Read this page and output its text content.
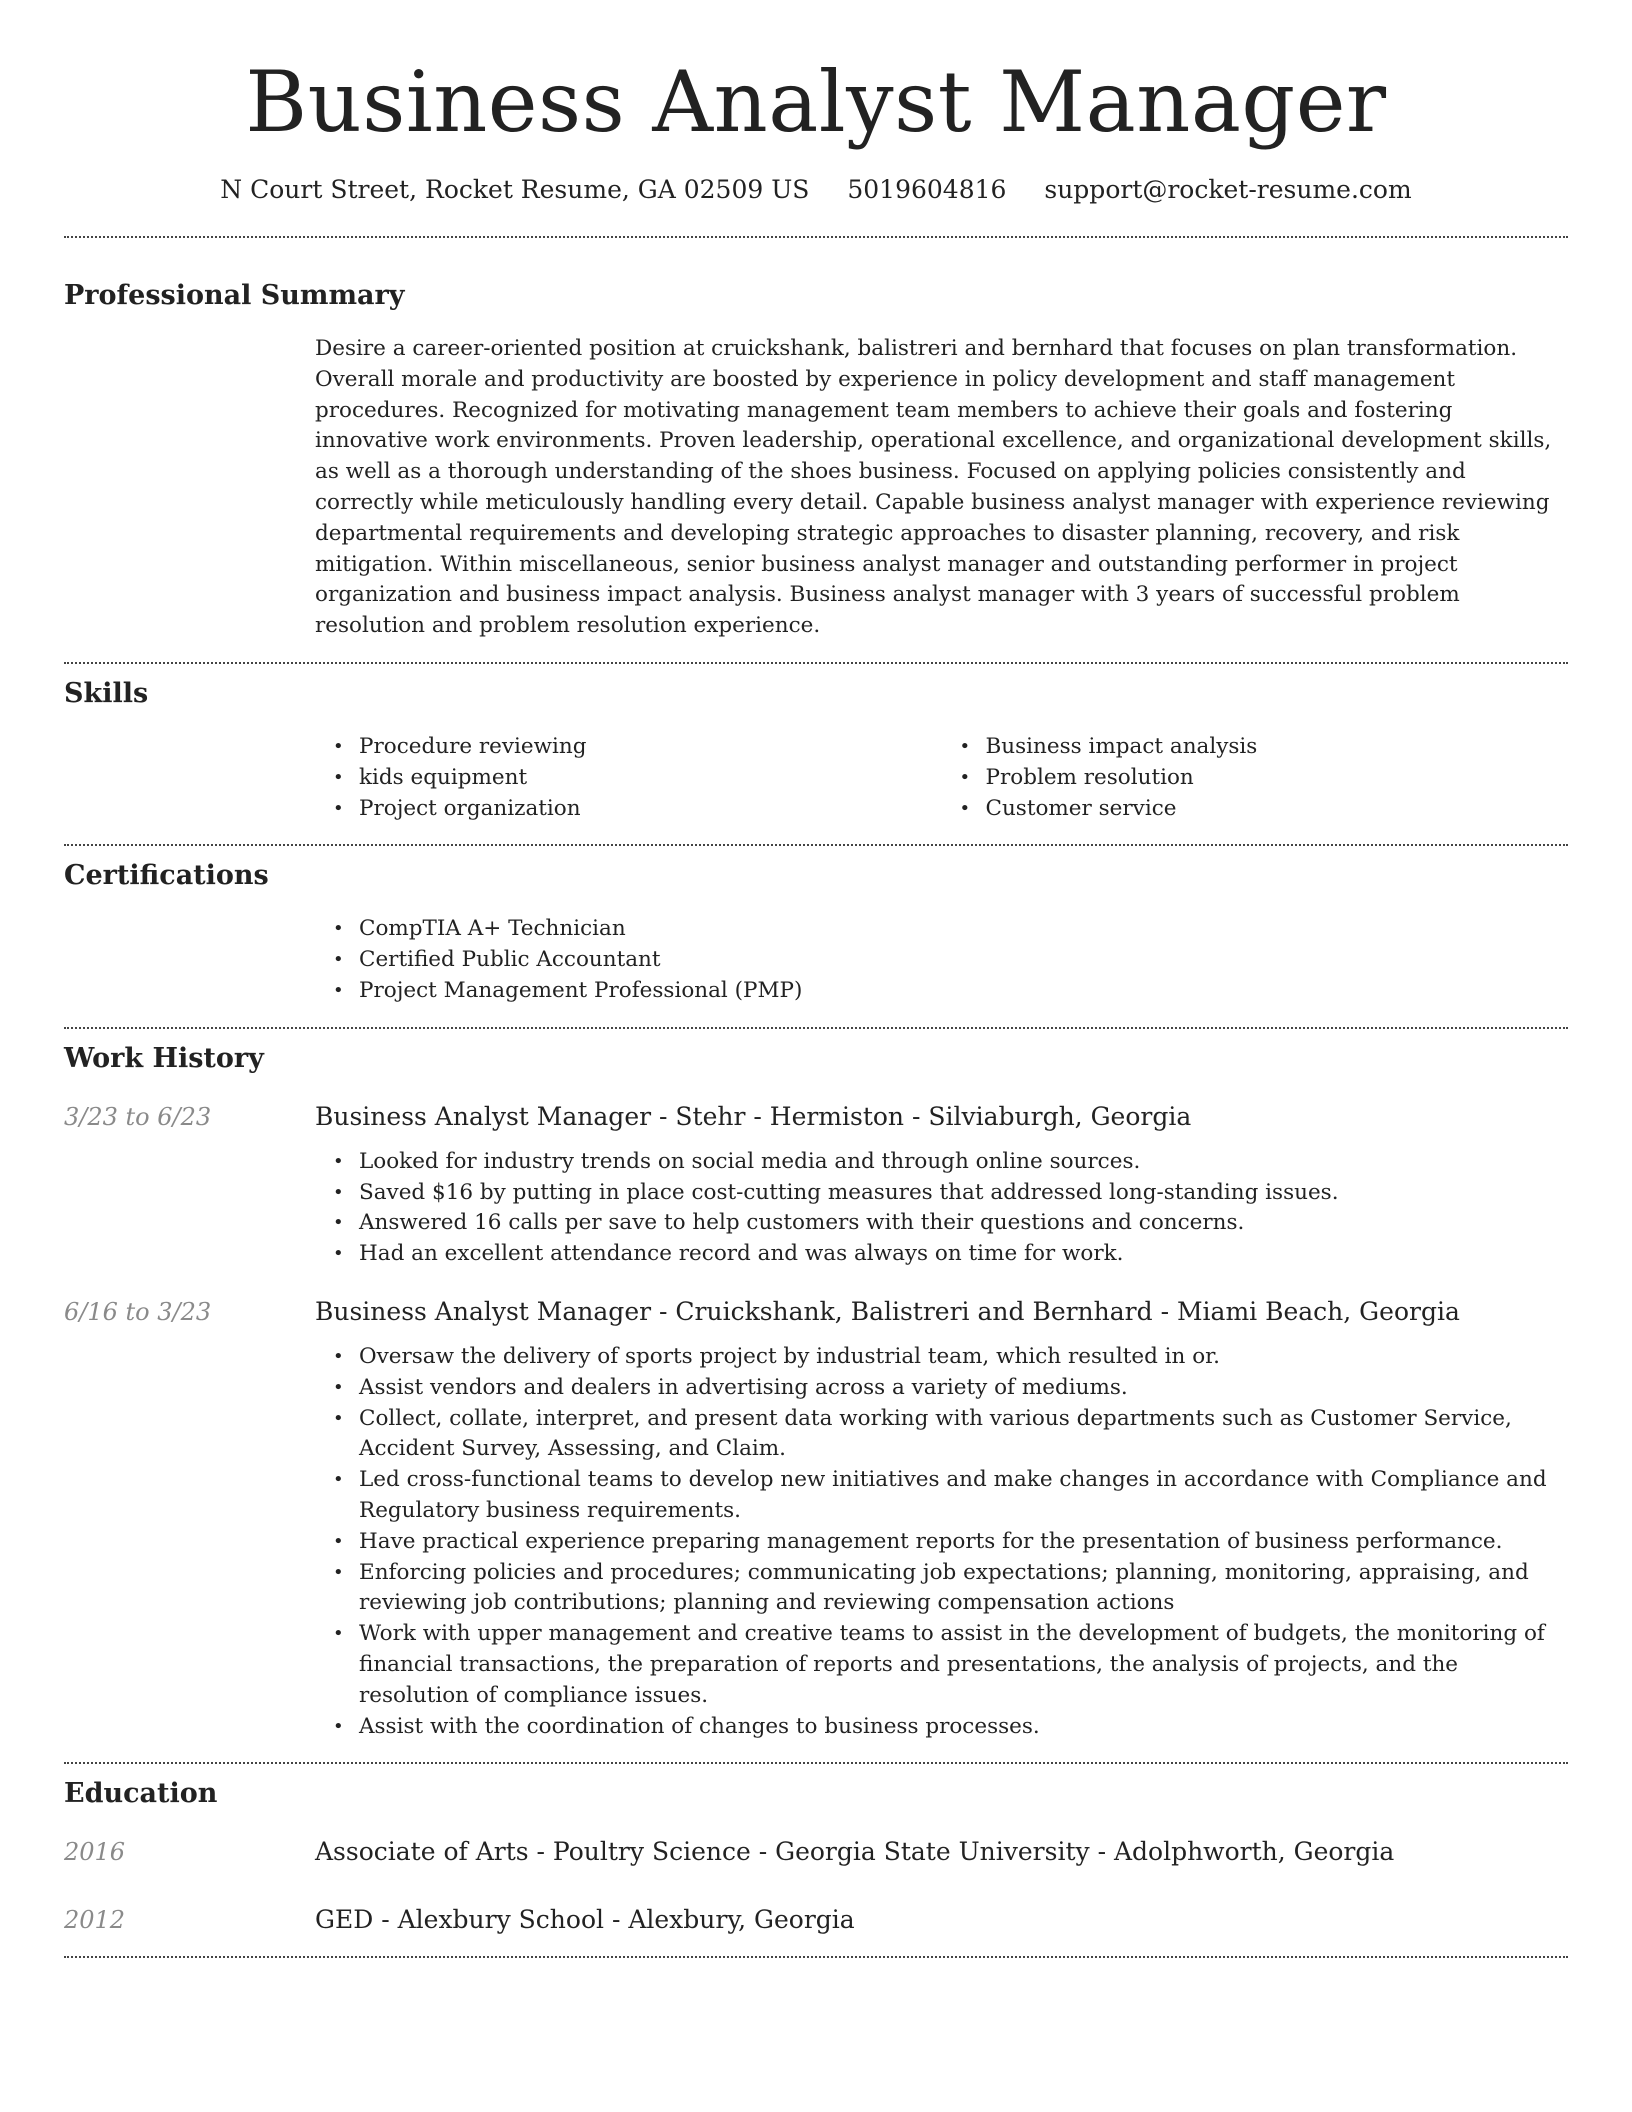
Business Analyst Manager
N Court Street, Rocket Resume, GA 02509 US 5019604816 support@rocket-resume.com
Professional Summary

Desire a career-oriented position at cruickshank, balistreri and bernhard that focuses on plan transformation. Overall morale and productivity are boosted by experience in policy development and staff management procedures. Recognized for motivating management team members to achieve their goals and fostering innovative work environments. Proven leadership, operational excellence, and organizational development skills, as well as a thorough understanding of the shoes business. Focused on applying policies consistently and correctly while meticulously handling every detail. Capable business analyst manager with experience reviewing departmental requirements and developing strategic approaches to disaster planning, recovery, and risk mitigation. Within miscellaneous, senior business analyst manager and outstanding performer in project organization and business impact analysis. Business analyst manager with 3 years of successful problem resolution and problem resolution experience.

Skills
• Procedure reviewing
• kids equipment
• Project organization
• Business impact analysis
• Problem resolution
• Customer service
Certifications
• CompTIA A+ Technician
• Certified Public Accountant
• Project Management Professional (PMP)
Work History
3/23 to 6/23	Business Analyst Manager - Stehr - Hermiston - Silviaburgh, Georgia
• Looked for industry trends on social media and through online sources.
• Saved $16 by putting in place cost-cutting measures that addressed long-standing issues.
• Answered 16 calls per save to help customers with their questions and concerns.
• Had an excellent attendance record and was always on time for work.
6/16 to 3/23	Business Analyst Manager - Cruickshank, Balistreri and Bernhard - Miami Beach, Georgia
• Oversaw the delivery of sports project by industrial team, which resulted in or.
• Assist vendors and dealers in advertising across a variety of mediums.
• Collect, collate, interpret, and present data working with various departments such as Customer Service, Accident Survey, Assessing, and Claim.
• Led cross-functional teams to develop new initiatives and make changes in accordance with Compliance and Regulatory business requirements.
• Have practical experience preparing management reports for the presentation of business performance.
• Enforcing policies and procedures; communicating job expectations; planning, monitoring, appraising, and reviewing job contributions; planning and reviewing compensation actions
• Work with upper management and creative teams to assist in the development of budgets, the monitoring of financial transactions, the preparation of reports and presentations, the analysis of projects, and the resolution of compliance issues.
• Assist with the coordination of changes to business processes.
Education
2016	Associate of Arts - Poultry Science - Georgia State University - Adolphworth, Georgia
2012	GED - Alexbury School - Alexbury, Georgia
